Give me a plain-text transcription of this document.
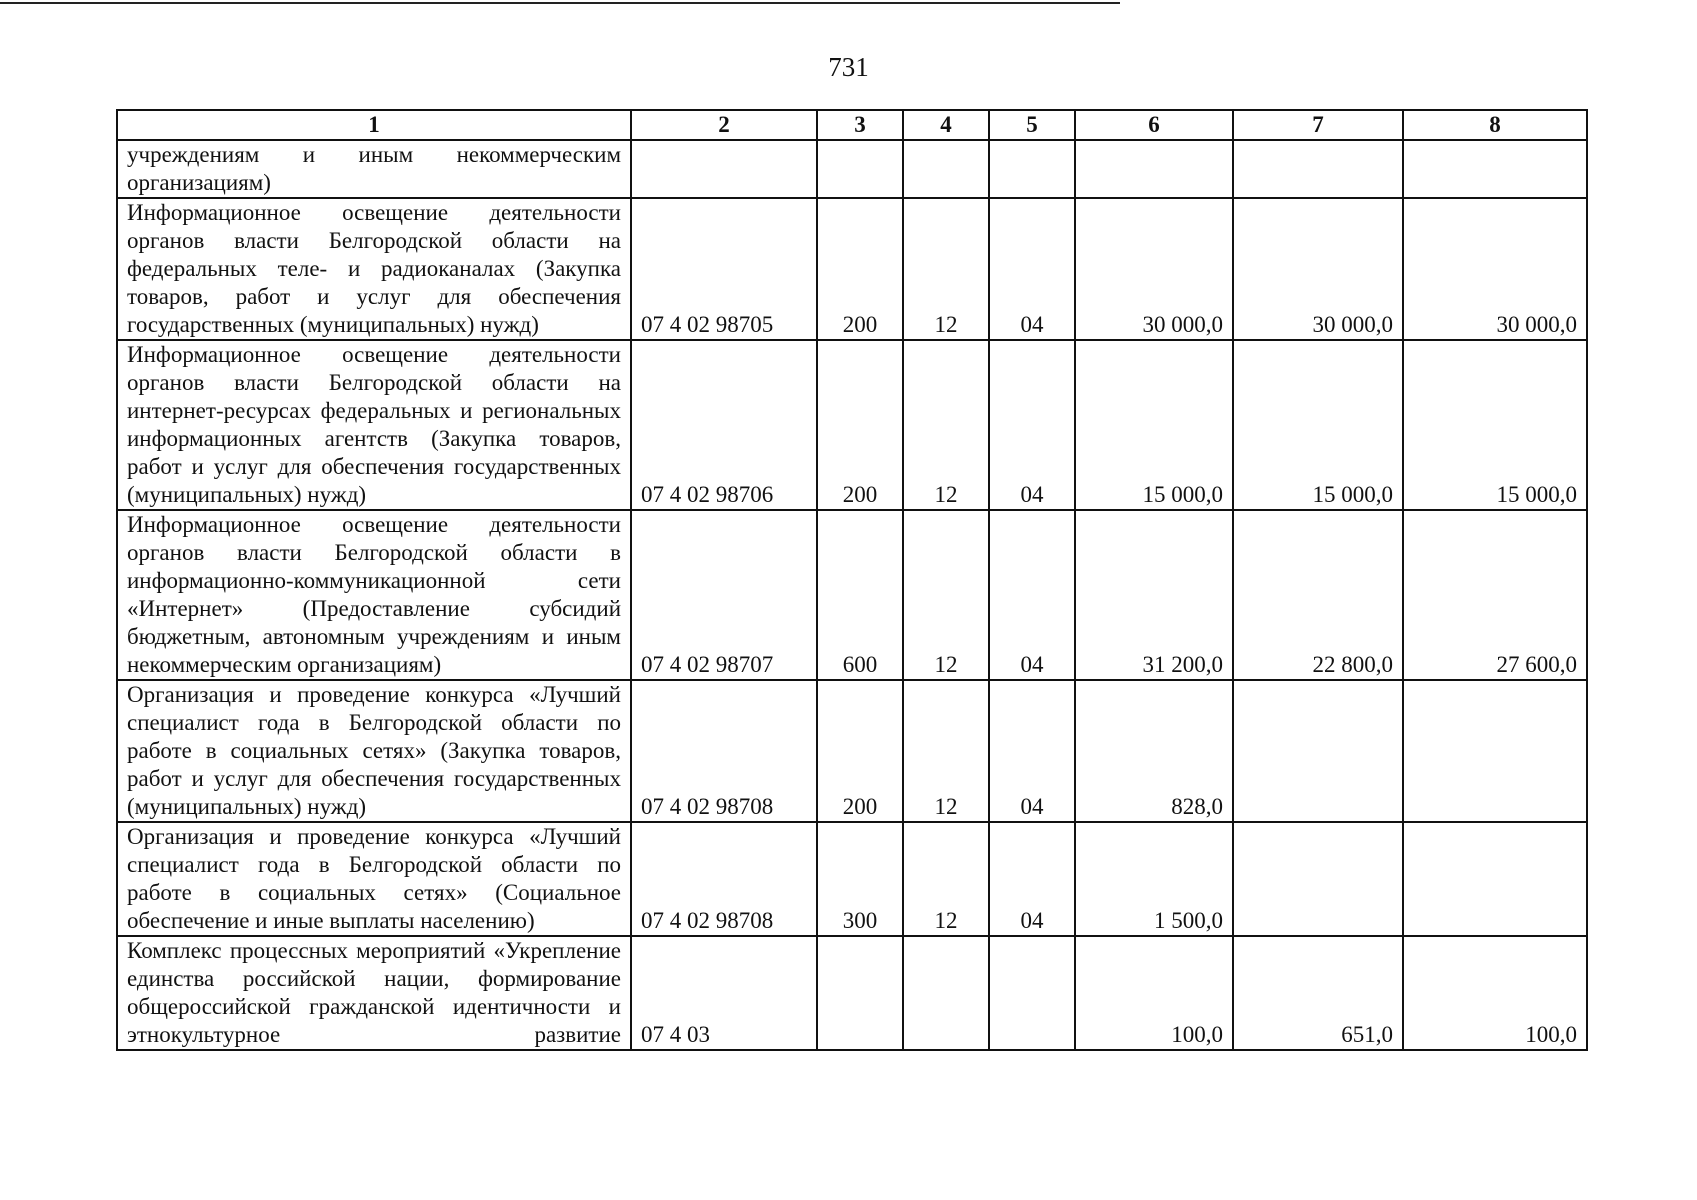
731
1	2	3	4	5	6	7	8
учреждениям и иным некоммерческим организациям)							
Информационное освещение деятельности органов власти Белгородской области на федеральных теле- и радиоканалах (Закупка товаров, работ и услуг для обеспечения государственных (муниципальных) нужд)	07 4 02 98705	200	12	04	30 000,0	30 000,0	30 000,0
Информационное освещение деятельности органов власти Белгородской области на интернет-ресурсах федеральных и региональных информационных агентств (Закупка товаров, работ и услуг для обеспечения государственных (муниципальных) нужд)	07 4 02 98706	200	12	04	15 000,0	15 000,0	15 000,0
Информационное освещение деятельности органов власти Белгородской области в информационно-коммуникационной сети «Интернет» (Предоставление субсидий бюджетным, автономным учреждениям и иным некоммерческим организациям)	07 4 02 98707	600	12	04	31 200,0	22 800,0	27 600,0
Организация и проведение конкурса «Лучший специалист года в Белгородской области по работе в социальных сетях» (Закупка товаров, работ и услуг для обеспечения государственных (муниципальных) нужд)	07 4 02 98708	200	12	04	828,0		
Организация и проведение конкурса «Лучший специалист года в Белгородской области по работе в социальных сетях» (Социальное обеспечение и иные выплаты населению)	07 4 02 98708	300	12	04	1 500,0		
Комплекс процессных мероприятий «Укрепление единства российской нации, формирование общероссийской гражданской идентичности и этнокультурное развитие	07 4 03				100,0	651,0	100,0
